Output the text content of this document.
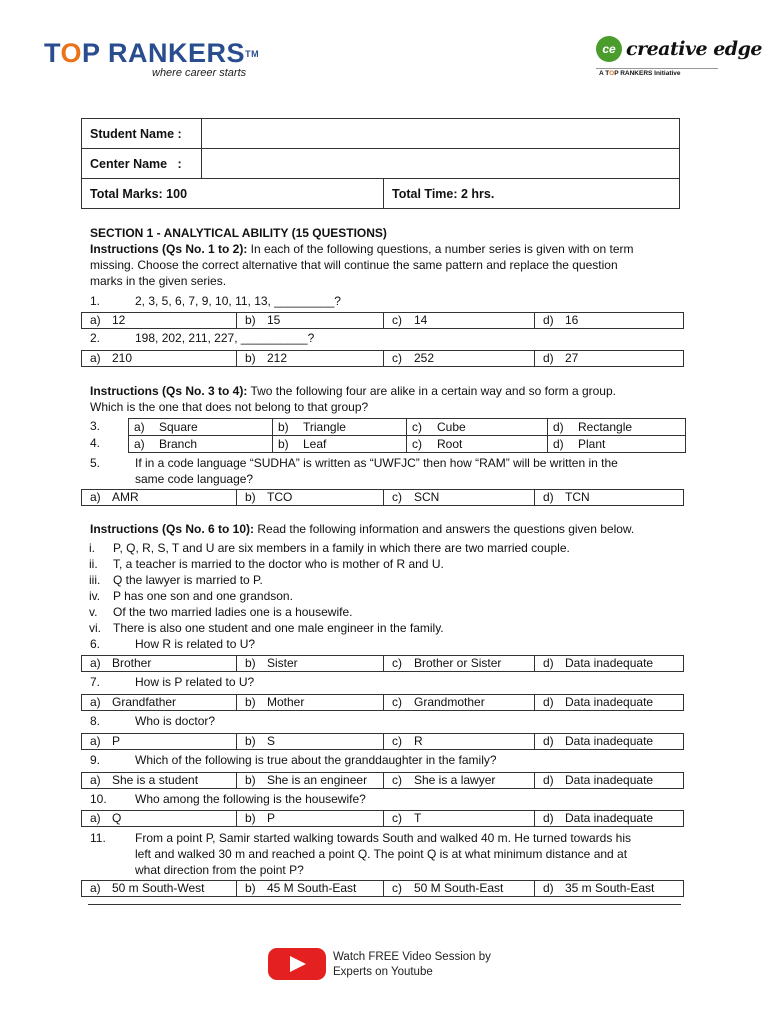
TOP RANKERS™
where career starts
ce creative edge
A TOP RANKERS Initiative
Student Name :		
Center Name   :		
Total Marks: 100		Total Time: 2 hrs.
SECTION 1 - ANALYTICAL ABILITY (15 QUESTIONS)
Instructions (Qs No. 1 to 2): In each of the following questions, a number series is given with on term
missing. Choose the correct alternative that will continue the same pattern and replace the question
marks in the given series.
1.	2, 3, 5, 6, 7, 9, 10, 11, 13, _________?
a) 12	b) 15	c) 14	d) 16
2.	198, 202, 211, 227, __________?
a) 210	b) 212	c) 252	d) 27
Instructions (Qs No. 3 to 4): Two the following four are alike in a certain way and so form a group.
Which is the one that does not belong to that group?
3.	a) Square	b) Triangle	c) Cube	d) Rectangle
4.	a) Branch	b) Leaf	c) Root	d) Plant
5.	If in a code language “SUDHA” is written as “UWFJC” then how “RAM” will be written in the
same code language?
a) AMR	b) TCO	c) SCN	d) TCN
Instructions (Qs No. 6 to 10): Read the following information and answers the questions given below.
i. P, Q, R, S, T and U are six members in a family in which there are two married couple.
ii. T, a teacher is married to the doctor who is mother of R and U.
iii. Q the lawyer is married to P.
iv. P has one son and one grandson.
v. Of the two married ladies one is a housewife.
vi. There is also one student and one male engineer in the family.
6.	How R is related to U?
a) Brother	b) Sister	c) Brother or Sister	d) Data inadequate
7.	How is P related to U?
a) Grandfather	b) Mother	c) Grandmother	d) Data inadequate
8.	Who is doctor?
a) P	b) S	c) R	d) Data inadequate
9.	Which of the following is true about the granddaughter in the family?
a) She is a student	b) She is an engineer c) She is a lawyer	d) Data inadequate
10. Who among the following is the housewife?
a) Q	b) P	c) T	d) Data inadequate
11. From a point P, Samir started walking towards South and walked 40 m. He turned towards his
left and walked 30 m and reached a point Q. The point Q is at what minimum distance and at
what direction from the point P?
a) 50 m South-West	b) 45 M South-East	c) 50 M South-East	d) 35 m South-East
Watch FREE Video Session by
Experts on Youtube
